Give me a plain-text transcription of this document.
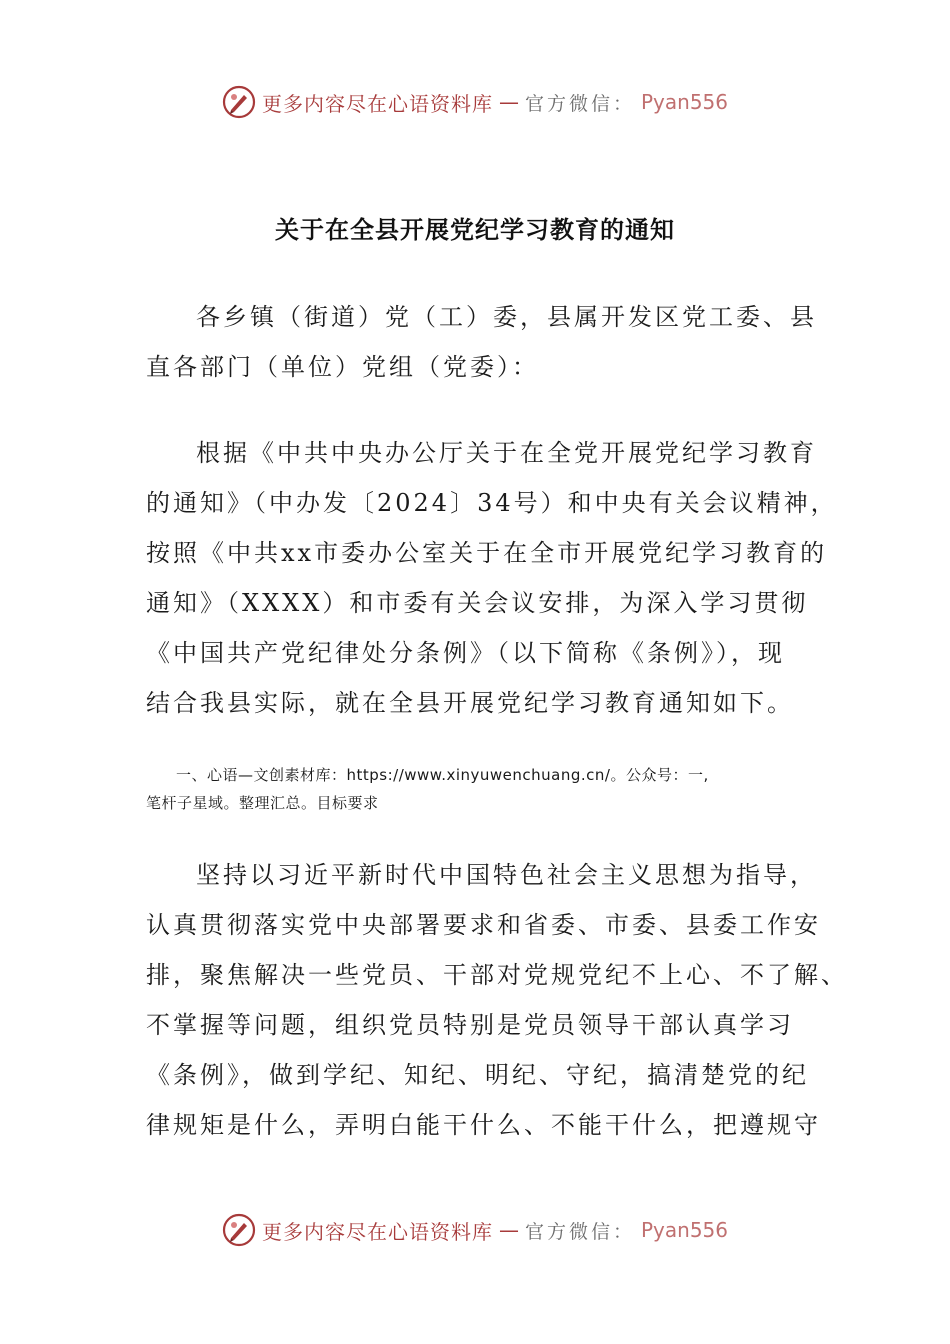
更多内容尽在心语资料库 — 官方微信： Pyan556
关于在全县开展党纪学习教育的通知
各乡镇（街道）党（工）委，县属开发区党工委、县
直各部门（单位）党组（党委）：
根据《中共中央办公厅关于在全党开展党纪学习教育
的通知》（中办发〔2024〕34号）和中央有关会议精神，
按照《中共xx市委办公室关于在全市开展党纪学习教育的
通知》（XXXX）和市委有关会议安排，为深入学习贯彻
《中国共产党纪律处分条例》（以下简称《条例》），现
结合我县实际，就在全县开展党纪学习教育通知如下。
一、心语—文创素材库：https://www.xinyuwenchuang.cn/。公众号：一,
笔杆子星域。整理汇总。目标要求
坚持以习近平新时代中国特色社会主义思想为指导，
认真贯彻落实党中央部署要求和省委、市委、县委工作安
排，聚焦解决一些党员、干部对党规党纪不上心、不了解、
不掌握等问题，组织党员特别是党员领导干部认真学习
《条例》，做到学纪、知纪、明纪、守纪，搞清楚党的纪
律规矩是什么，弄明白能干什么、不能干什么，把遵规守
更多内容尽在心语资料库 — 官方微信： Pyan556
